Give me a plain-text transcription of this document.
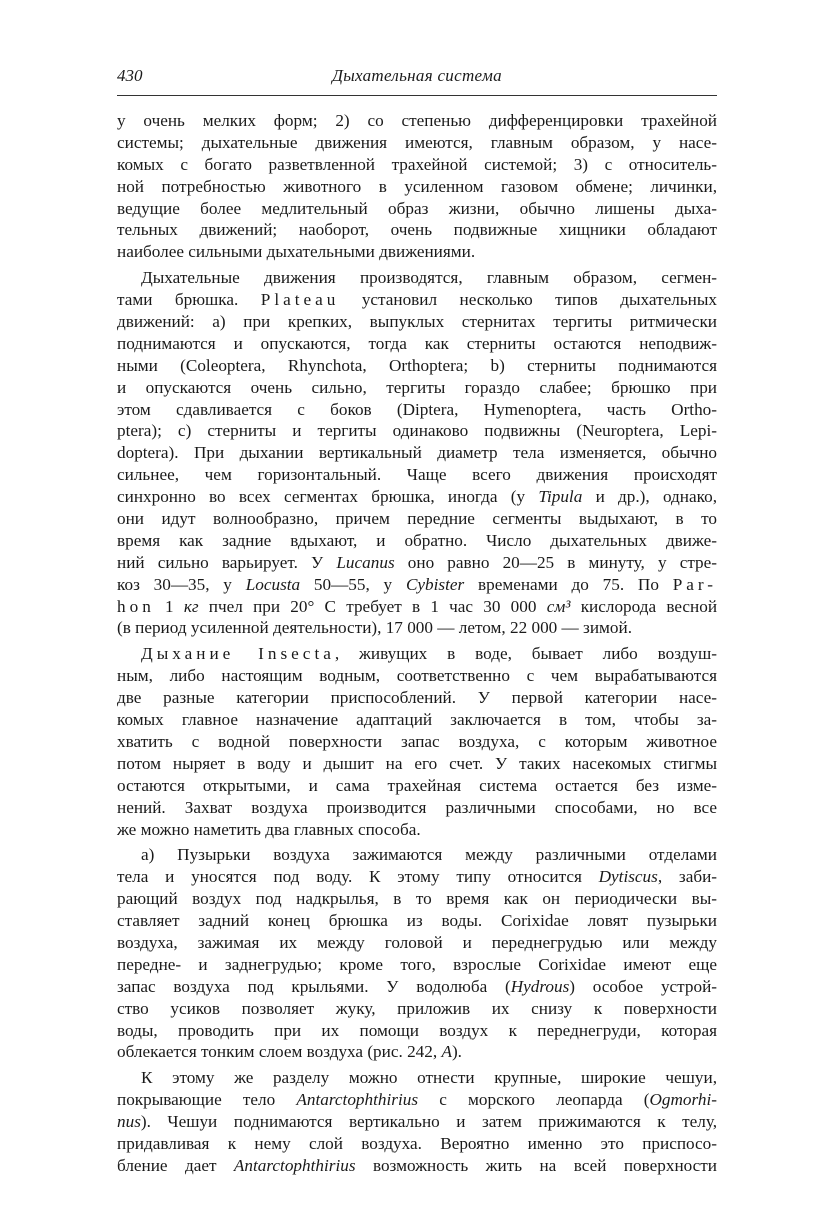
430	Дыхательная система
у очень мелких форм; 2) со степенью дифференцировки трахейной
системы; дыхательные движения имеются, главным образом, у насе-
комых с богато разветвленной трахейной системой; 3) с относитель-
ной потребностью животного в усиленном газовом обмене; личинки,
ведущие более медлительный образ жизни, обычно лишены дыха-
тельных движений; наоборот, очень подвижные хищники обладают
наиболее сильными дыхательными движениями.
Дыхательные движения производятся, главным образом, сегмен-
тами брюшка. Plateau установил несколько типов дыхательных
движений: а) при крепких, выпуклых стернитах тергиты ритмически
поднимаются и опускаются, тогда как стерниты остаются неподвиж-
ными (Coleoptera, Rhynchota, Orthoptera; b) стерниты поднимаются
и опускаются очень сильно, тергиты гораздо слабее; брюшко при
этом сдавливается с боков (Diptera, Hymenoptera, часть Ortho-
ptera); с) стерниты и тергиты одинаково подвижны (Neuroptera, Lepi-
doptera). При дыхании вертикальный диаметр тела изменяется, обычно
сильнее, чем горизонтальный. Чаще всего движения происходят
синхронно во всех сегментах брюшка, иногда (у Tipula и др.), однако,
они идут волнообразно, причем передние сегменты выдыхают, в то
время как задние вдыхают, и обратно. Число дыхательных движе-
ний сильно варьирует. У Lucanus оно равно 20—25 в минуту, у стре-
коз 30—35, у Locusta 50—55, у Cybister временами до 75. По Par-
hon 1 кг пчел при 20° С требует в 1 час 30 000 см³ кислорода весной
(в период усиленной деятельности), 17 000 — летом, 22 000 — зимой.
Дыхание Insecta, живущих в воде, бывает либо воздуш-
ным, либо настоящим водным, соответственно с чем вырабатываются
две разные категории приспособлений. У первой категории насе-
комых главное назначение адаптаций заключается в том, чтобы за-
хватить с водной поверхности запас воздуха, с которым животное
потом ныряет в воду и дышит на его счет. У таких насекомых стигмы
остаются открытыми, и сама трахейная система остается без изме-
нений. Захват воздуха производится различными способами, но все
же можно наметить два главных способа.
а) Пузырьки воздуха зажимаются между различными отделами
тела и уносятся под воду. К этому типу относится Dytiscus, заби-
рающий воздух под надкрылья, в то время как он периодически вы-
ставляет задний конец брюшка из воды. Corixidae ловят пузырьки
воздуха, зажимая их между головой и переднегрудью или между
передне- и заднегрудью; кроме того, взрослые Corixidae имеют еще
запас воздуха под крыльями. У водолюба (Hydrous) особое устрой-
ство усиков позволяет жуку, приложив их снизу к поверхности
воды, проводить при их помощи воздух к переднегруди, которая
облекается тонким слоем воздуха (рис. 242, A).
К этому же разделу можно отнести крупные, широкие чешуи,
покрывающие тело Antarctophthirius с морского леопарда (Ogmorhi-
nus). Чешуи поднимаются вертикально и затем прижимаются к телу,
придавливая к нему слой воздуха. Вероятно именно это приспосо-
бление дает Antarctophthirius возможность жить на всей поверхности
